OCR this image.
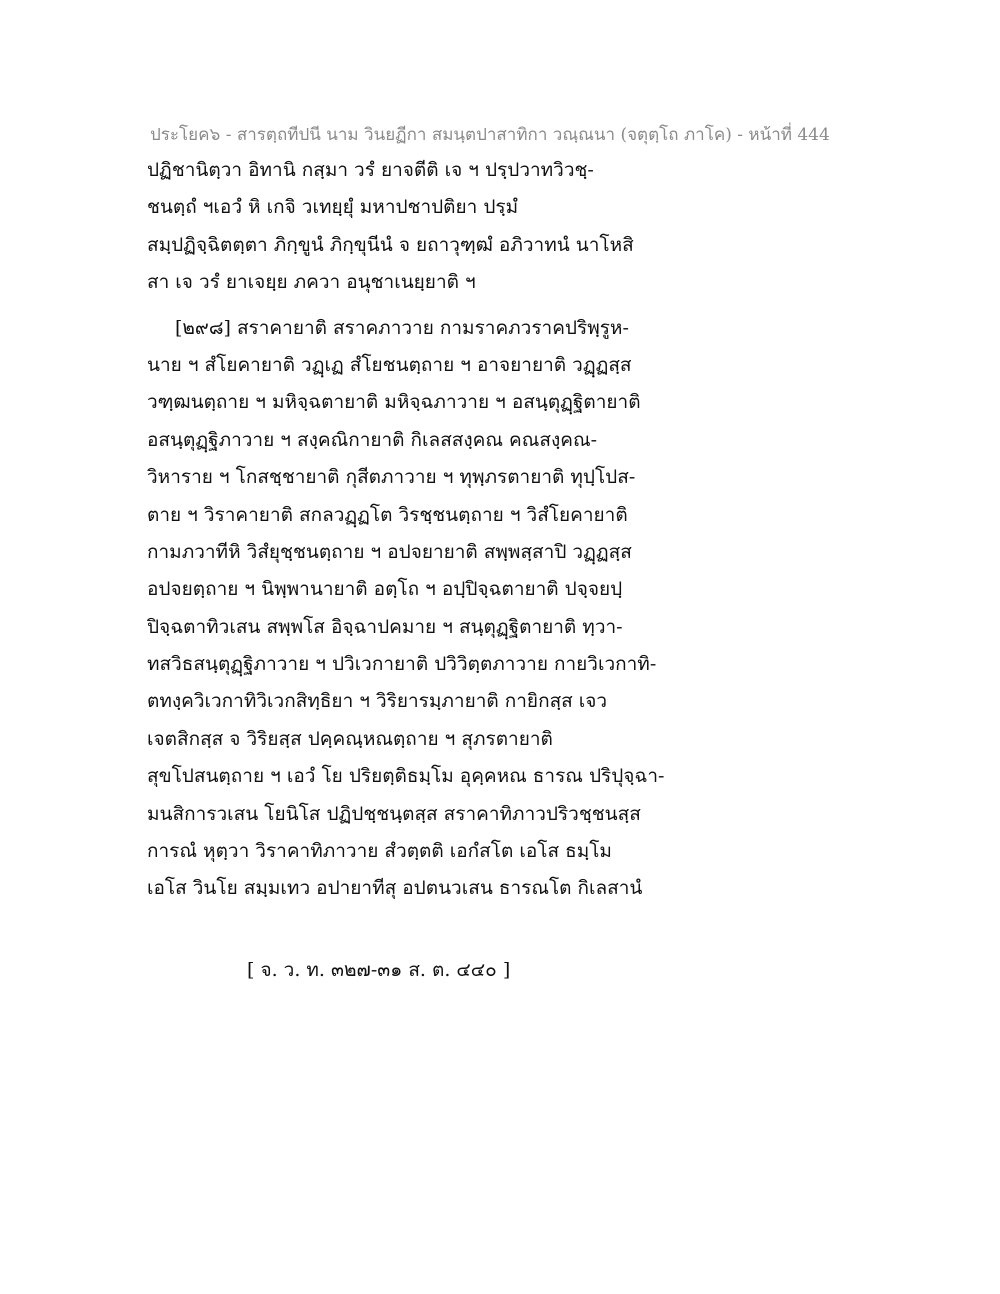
ประโยค๖ - สารตฺถทีปนี นาม วินยฏีกา สมนฺตปาสาทิกา วณฺณนา (จตุตฺโถ ภาโค) - หน้าที่ 444
ปฏิชานิตฺวา อิทานิ กสฺมา วรํ ยาจตีติ เจ ฯ ปรฺปวาทวิวชฺ-
ชนตฺถํ ฯเอวํ หิ เกจิ วเทยฺยุํ มหาปชาปติยา ปรฺมํ
สมฺปฏิจฺฉิตตฺตา ภิกฺขูนํ ภิกฺขุนีนํ จ ยถาวุฑฺฒํ อภิวาทนํ นาโหสิ
สา เจ วรํ ยาเจยฺย ภควา อนุชาเนยฺยาติ ฯ
[๒๙๘] สราคายาติ สราคภาวาย กามราคภวราคปริพฺรูห-
นาย ฯ สํโยคายาติ วฏฺเฏ สํโยชนตฺถาย ฯ อาจยายาติ วฏฺฏสฺส
วฑฺฒนตฺถาย ฯ มหิจฺฉตายาติ มหิจฺฉภาวาย ฯ อสนฺตุฏฺฐิตายาติ
อสนฺตุฏฺฐิภาวาย ฯ สงฺคณิกายาติ กิเลสสงฺคณ คณสงฺคณ-
วิหาราย ฯ โกสชฺชายาติ กุสีตภาวาย ฯ ทุพฺภรตายาติ ทุปฺโปส-
ตาย ฯ วิราคายาติ สกลวฏฺฏโต วิรชฺชนตฺถาย ฯ วิสํโยคายาติ
กามภวาทีหิ วิสํยุชฺชนตฺถาย ฯ อปจยายาติ สพฺพสฺสาปิ วฏฺฏสฺส
อปจยตฺถาย ฯ นิพฺพานายาติ อตฺโถ ฯ อปฺปิจฺฉตายาติ ปจฺจยปฺ
ปิจฺฉตาทิวเสน สพฺพโส อิจฺฉาปคมาย ฯ สนฺตุฏฺฐิตายาติ ทฺวา-
ทสวิธสนฺตุฏฺฐิภาวาย ฯ ปวิเวกายาติ ปวิวิตฺตภาวาย กายวิเวกาทิ-
ตทงฺควิเวกาทิวิเวกสิทฺธิยา ฯ วิริยารมฺภายาติ กายิกสฺส เจว
เจตสิกสฺส จ วิริยสฺส ปคฺคณฺหณตฺถาย ฯ สุภรตายาติ
สุขโปสนตฺถาย ฯ เอวํ โย ปริยตฺติธมฺโม อุคฺคหณ ธารณ ปริปุจฺฉา-
มนสิการวเสน โยนิโส ปฏิปชฺชนฺตสฺส สราคาทิภาวปริวชฺชนสฺส
การณํ หุตฺวา วิราคาทิภาวาย สํวตฺตติ เอกํสโต เอโส ธมฺโม
เอโส วินโย สมฺมเทว อปายาทีสุ อปตนวเสน ธารณโต กิเลสานํ
[ จ. ว. ท. ๓๒๗-๓๑ ส. ต. ๔๔๐ ]
